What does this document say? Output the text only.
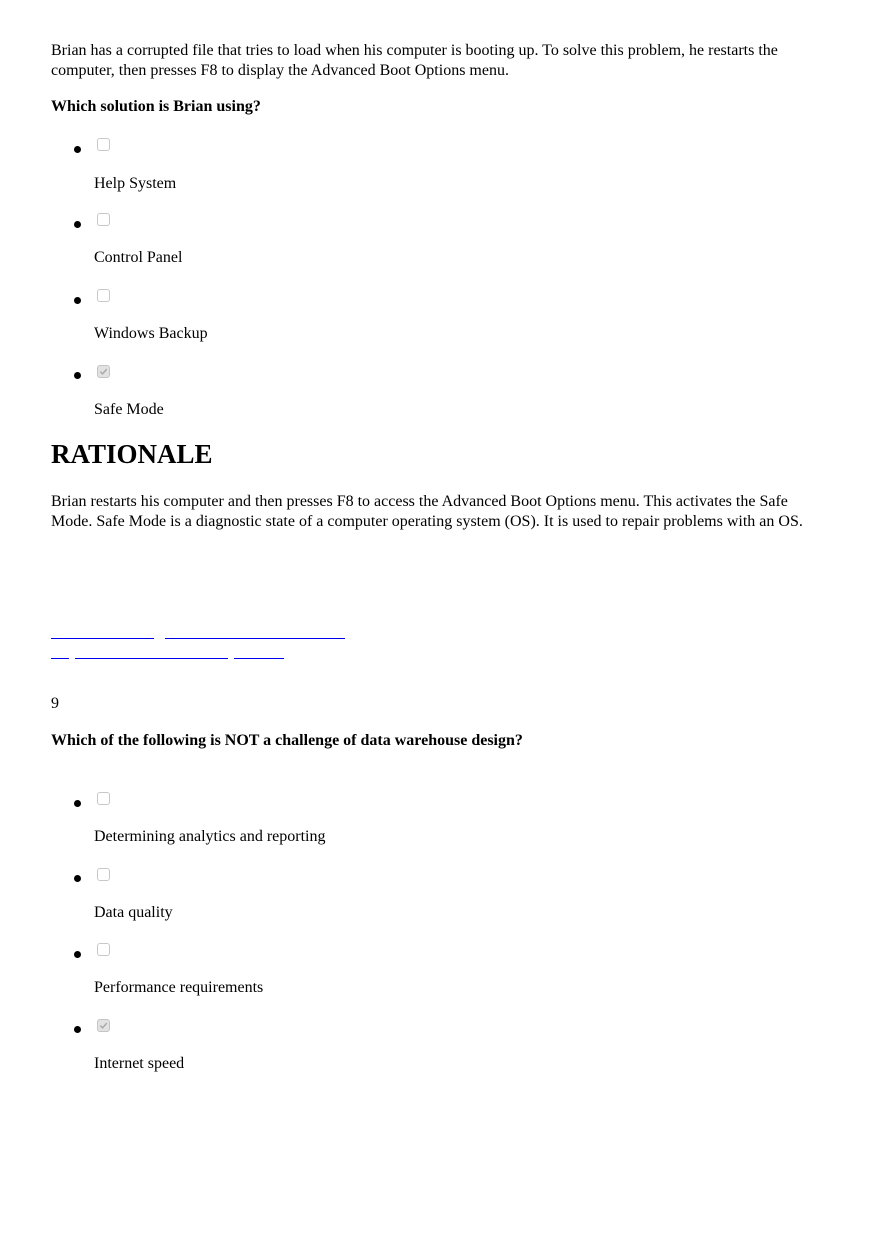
Brian has a corrupted file that tries to load when his computer is booting up. To solve this problem, he restarts the computer, then presses F8 to display the Advanced Boot Options menu.

Which solution is Brian using?
Help System
Control Panel
Windows Backup
Safe Mode
RATIONALE

Brian restarts his computer and then presses F8 to access the Advanced Boot Options menu. This activates the Safe Mode. Safe Mode is a diagnostic state of a computer operating system (OS). It is used to repair problems with an OS.

9
Which of the following is NOT a challenge of data warehouse design?
Determining analytics and reporting
Data quality
Performance requirements
Internet speed
